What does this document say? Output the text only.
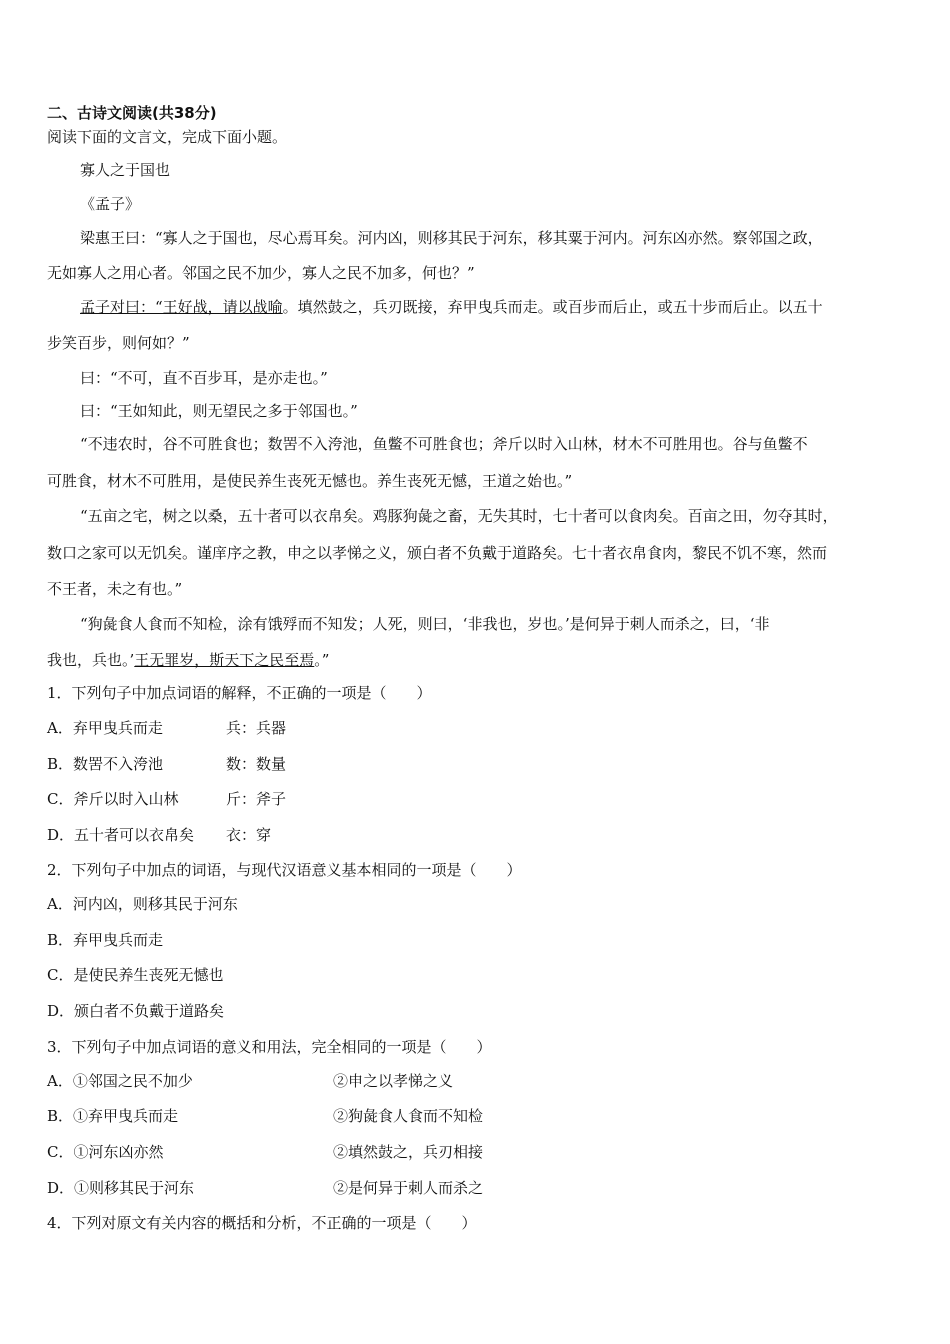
二、古诗文阅读(共38分)
阅读下面的文言文，完成下面小题。
寡人之于国也
《孟子》
梁惠王曰：“寡人之于国也，尽心焉耳矣。河内凶，则移其民于河东，移其粟于河内。河东凶亦然。察邻国之政，
无如寡人之用心者。邻国之民不加少，寡人之民不加多，何也？”
孟子对曰：“王好战，请以战喻。填然鼓之，兵刃既接，弃甲曳兵而走。或百步而后止，或五十步而后止。以五十
步笑百步，则何如？”
曰：“不可，直不百步耳，是亦走也。”
曰：“王如知此，则无望民之多于邻国也。”
“不违农时，谷不可胜食也；数罟不入洿池，鱼鳖不可胜食也；斧斤以时入山林，材木不可胜用也。谷与鱼鳖不
可胜食，材木不可胜用，是使民养生丧死无憾也。养生丧死无憾，王道之始也。”
“五亩之宅，树之以桑，五十者可以衣帛矣。鸡豚狗彘之畜，无失其时，七十者可以食肉矣。百亩之田，勿夺其时，
数口之家可以无饥矣。谨庠序之教，申之以孝悌之义，颁白者不负戴于道路矣。七十者衣帛食肉，黎民不饥不寒，然而
不王者，未之有也。”
“狗彘食人食而不知检，涂有饿殍而不知发；人死，则曰，‘非我也，岁也。’是何异于刺人而杀之，曰，‘非
我也，兵也。’王无罪岁，斯天下之民至焉。”
1．下列句子中加点词语的解释，不正确的一项是（　　）
A．弃甲曳兵而走	兵：兵器
B．数罟不入洿池	数：数量
C．斧斤以时入山林	斤：斧子
D．五十者可以衣帛矣 衣：穿
2．下列句子中加点的词语，与现代汉语意义基本相同的一项是（　　）
A．河内凶，则移其民于河东
B．弃甲曳兵而走
C．是使民养生丧死无憾也
D．颁白者不负戴于道路矣
3．下列句子中加点词语的意义和用法，完全相同的一项是（　　）
A．①邻国之民不加少	②申之以孝悌之义
B．①弃甲曳兵而走	②狗彘食人食而不知检
C．①河东凶亦然	②填然鼓之，兵刃相接
D．①则移其民于河东	②是何异于刺人而杀之
4．下列对原文有关内容的概括和分析，不正确的一项是（　　）
